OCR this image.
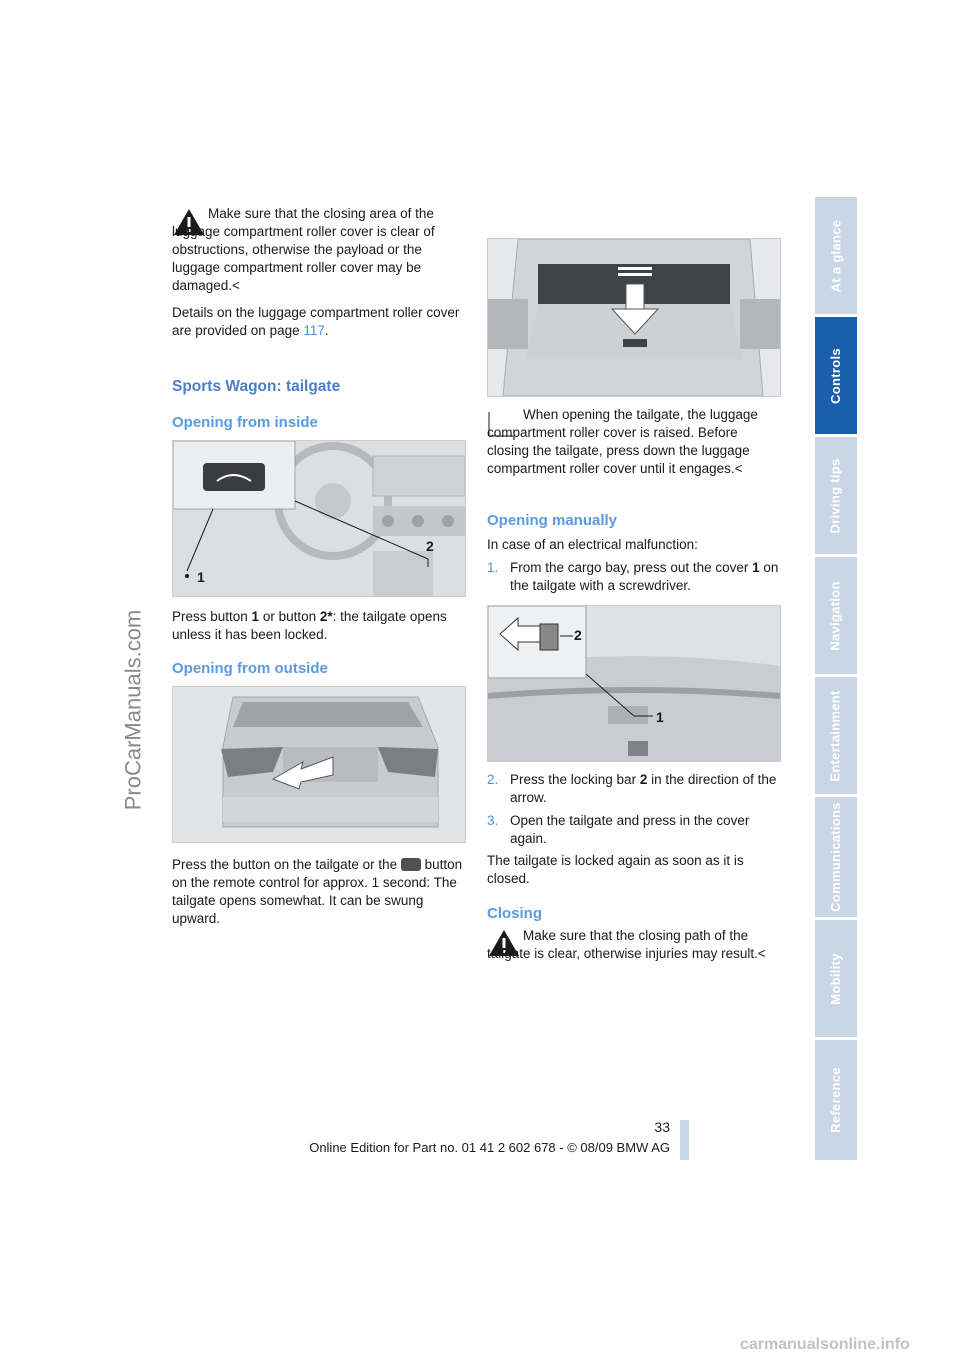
ProCarManuals.com
At a glance
Controls
Driving tips
Navigation
Entertainment
Communications
Mobility
Reference

Make sure that the closing area of the luggage compartment roller cover is clear of obstructions, otherwise the payload or the luggage compartment roller cover may be damaged.<

Details on the luggage compartment roller cover are provided on page 117.

Sports Wagon: tailgate
Opening from inside
1
2

Press button 1 or button 2*: the tailgate opens unless it has been locked.

Opening from outside

Press the button on the tailgate or the  button on the remote control for approx. 1 second: The tailgate opens somewhat. It can be swung upward.

When opening the tailgate, the luggage compartment roller cover is raised. Before closing the tailgate, press down the luggage compartment roller cover until it engages.<

Opening manually
In case of an electrical malfunction:
1. From the cargo bay, press out the cover 1 on the tailgate with a screwdriver.

2
1
2. Press the locking bar 2 in the direction of the arrow.

3. Open the tailgate and press in the cover again.

The tailgate is locked again as soon as it is closed.
Closing

Make sure that the closing path of the tailgate is clear, otherwise injuries may result.<

33
Online Edition for Part no. 01 41 2 602 678 - © 08/09 BMW AG
carmanualsonline.info
